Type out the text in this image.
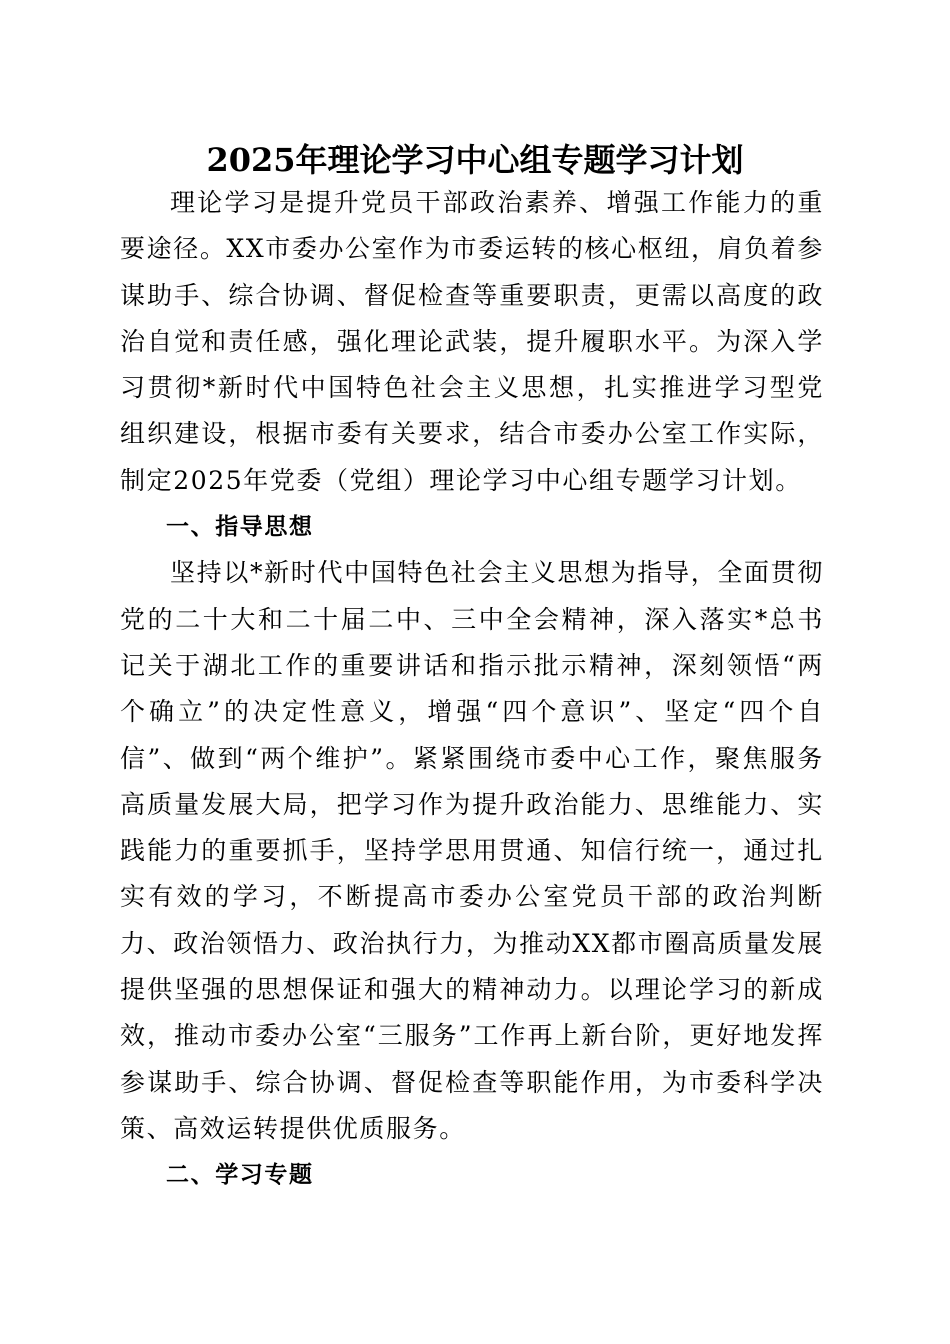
2025年理论学习中心组专题学习计划

理论学习是提升党员干部政治素养、增强工作能力的重要途径。XX市委办公室作为市委运转的核心枢纽，肩负着参谋助手、综合协调、督促检查等重要职责，更需以高度的政治自觉和责任感，强化理论武装，提升履职水平。为深入学习贯彻*新时代中国特色社会主义思想，扎实推进学习型党组织建设，根据市委有关要求，结合市委办公室工作实际，制定2025年党委（党组）理论学习中心组专题学习计划。

一、指导思想

坚持以*新时代中国特色社会主义思想为指导，全面贯彻党的二十大和二十届二中、三中全会精神，深入落实*总书记关于湖北工作的重要讲话和指示批示精神，深刻领悟“两个确立”的决定性意义，增强“四个意识”、坚定“四个自信”、做到“两个维护”。紧紧围绕市委中心工作，聚焦服务高质量发展大局，把学习作为提升政治能力、思维能力、实践能力的重要抓手，坚持学思用贯通、知信行统一，通过扎实有效的学习，不断提高市委办公室党员干部的政治判断力、政治领悟力、政治执行力，为推动XX都市圈高质量发展提供坚强的思想保证和强大的精神动力。以理论学习的新成效，推动市委办公室“三服务”工作再上新台阶，更好地发挥参谋助手、综合协调、督促检查等职能作用，为市委科学决策、高效运转提供优质服务。

二、学习专题
